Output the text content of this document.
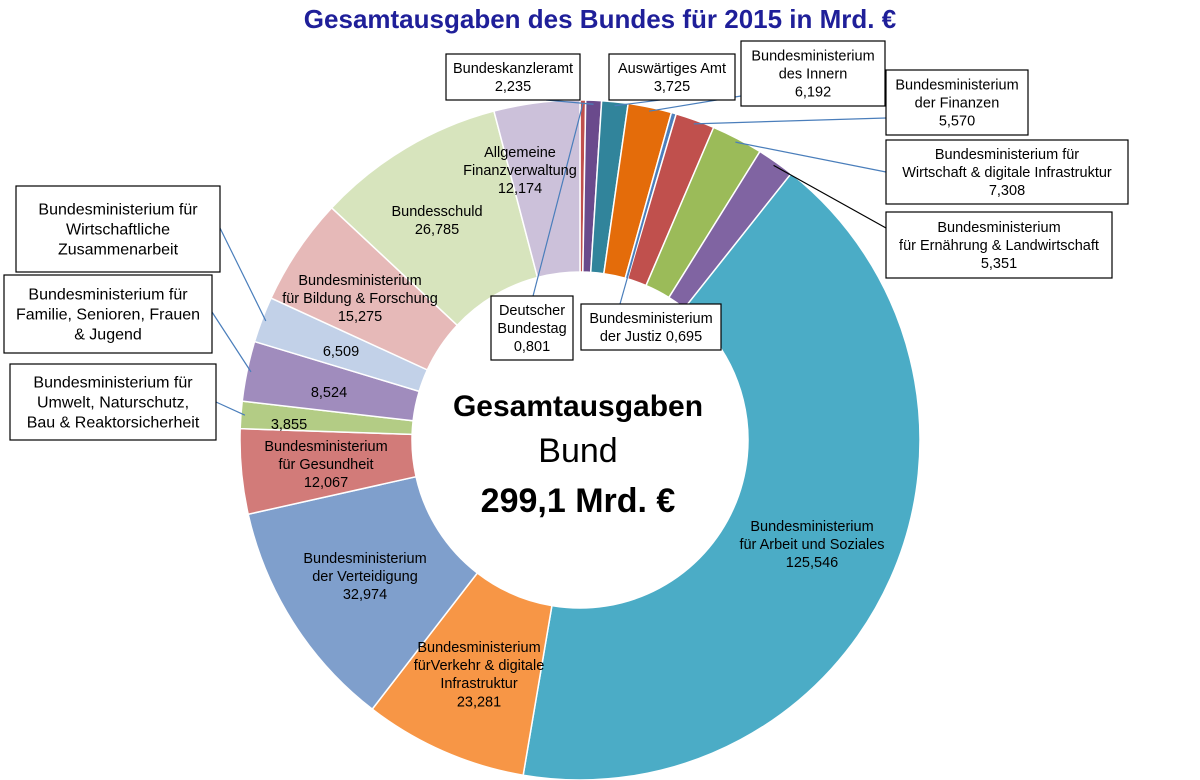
Gesamtausgaben des Bundes für 2015 in Mrd. €
Deutscher
Bundestag
0,801
Bundeskanzleramt
2,235
Auswärtiges Amt
3,725
Bundesministerium
des Innern
6,192
Bundesministerium
der Justiz 0,695
Bundesministerium
der Finanzen
5,570
Bundesministerium für
Wirtschaft & digitale Infrastruktur
7,308
Bundesministerium
für Ernährung & Landwirtschaft
5,351
Bundesministerium
für Arbeit und Soziales
125,546
Bundesministerium
fürVerkehr & digitale
Infrastruktur
23,281
Bundesministerium
der Verteidigung
32,974
Bundesministerium
für Gesundheit
12,067
Bundesministerium für
Umwelt, Naturschutz,
Bau & Reaktorsicherheit	3,855
Bundesministerium für
Familie, Senioren, Frauen
& Jugend
8,524
Bundesministerium für
Wirtschaftliche
Zusammenarbeit
6,509
Bundesministerium
für Bildung & Forschung
15,275
Bundesschuld
26,785
Allgemeine
Finanzverwaltung
12,174
Gesamtausgaben
Bund
299,1 Mrd. €
